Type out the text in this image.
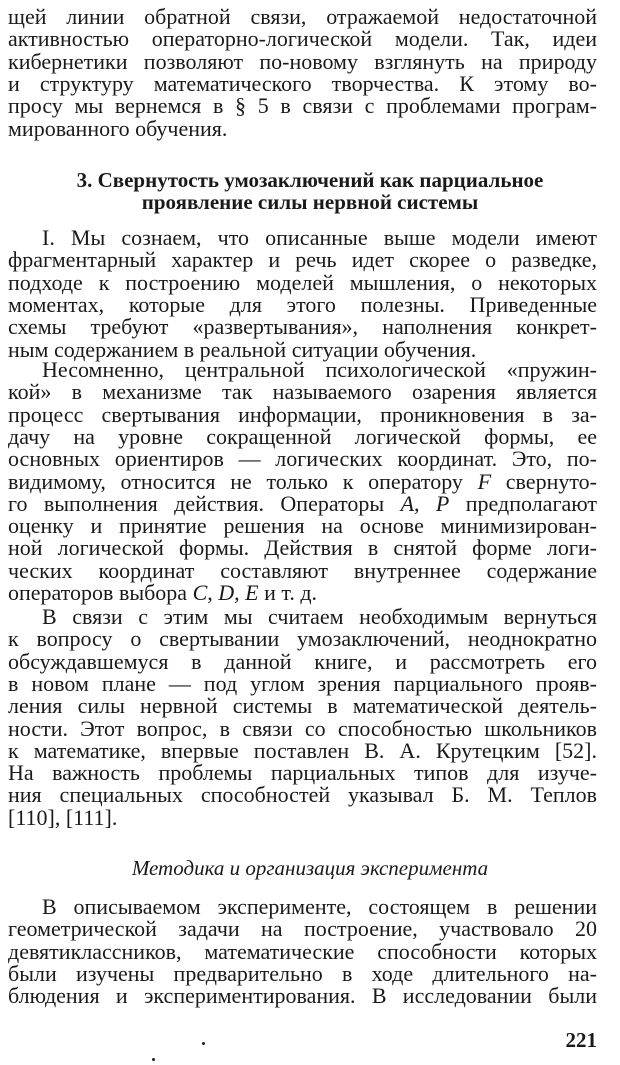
3. Свернутость умозаключений как парциальное
проявление силы нервной системы
Методика и организация эксперимента
221
щей линии обратной связи, отражаемой недостаточной
активностью операторно-логической модели. Так, идеи
кибернетики позволяют по-новому взглянуть на природу
и структуру математического творчества. К этому во-
просу мы вернемся в § 5 в связи с проблемами програм-
мированного обучения.
I. Мы сознаем, что описанные выше модели имеют
фрагментарный характер и речь идет скорее о разведке,
подходе к построению моделей мышления, о некоторых
моментах, которые для этого полезны. Приведенные
схемы требуют «развертывания», наполнения конкрет-
ным содержанием в реальной ситуации обучения.
Несомненно, центральной психологической «пружин-
кой» в механизме так называемого озарения является
процесс свертывания информации, проникновения в за-
дачу на уровне сокращенной логической формы, ее
основных ориентиров — логических координат. Это, по-
видимому, относится не только к оператору F свернуто-
го выполнения действия. Операторы A, P предполагают
оценку и принятие решения на основе минимизирован-
ной логической формы. Действия в снятой форме логи-
ческих координат составляют внутреннее содержание
операторов выбора C, D, E и т. д.
В связи с этим мы считаем необходимым вернуться
к вопросу о свертывании умозаключений, неоднократно
обсуждавшемуся в данной книге, и рассмотреть его
в новом плане — под углом зрения парциального прояв-
ления силы нервной системы в математической деятель-
ности. Этот вопрос, в связи со способностью школьников
к математике, впервые поставлен В. А. Крутецким [52].
На важность проблемы парциальных типов для изуче-
ния специальных способностей указывал Б. М. Теплов
[110], [111].
В описываемом эксперименте, состоящем в решении
геометрической задачи на построение, участвовало 20
девятиклассников, математические способности которых
были изучены предварительно в ходе длительного на-
блюдения и экспериментирования. В исследовании были
